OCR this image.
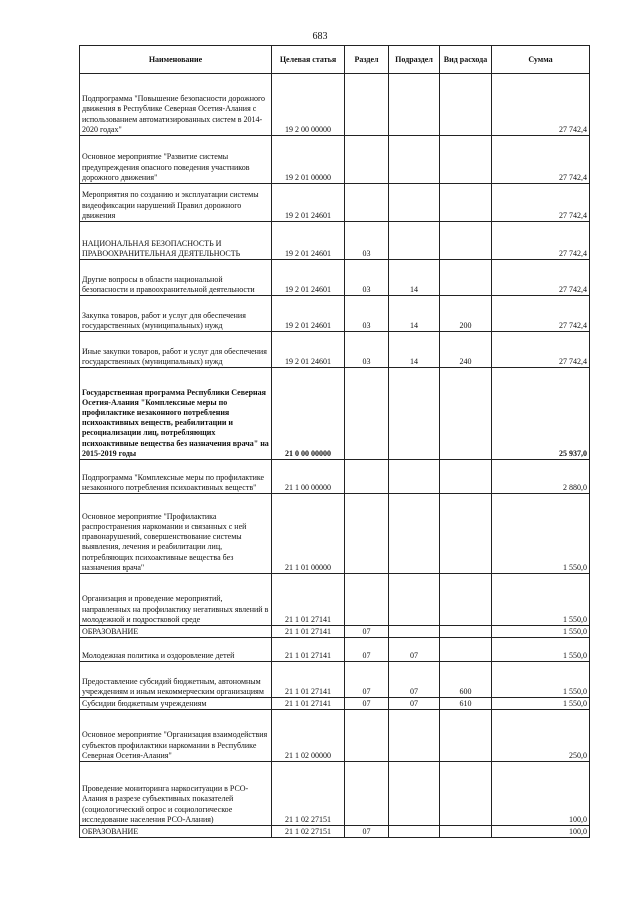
683
Наименование	Целевая статья	Раздел	Подраздел	Вид расхода	Сумма
Подпрограмма "Повышение безопасности дорожного движения в Республике Северная Осетия-Алания с использованием автоматизированных систем в 2014-2020 годах"	19 2 00 00000				27 742,4
Основное мероприятие "Развитие системы предупреждения опасного поведения участников дорожного движения"	19 2 01 00000				27 742,4
Мероприятия по созданию и эксплуатации системы видеофиксации нарушений Правил дорожного движения	19 2 01 24601				27 742,4
НАЦИОНАЛЬНАЯ БЕЗОПАСНОСТЬ И ПРАВООХРАНИТЕЛЬНАЯ ДЕЯТЕЛЬНОСТЬ	19 2 01 24601	03			27 742,4
Другие вопросы в области национальной безопасности и правоохранительной деятельности	19 2 01 24601	03	14		27 742,4
Закупка товаров, работ и услуг для обеспечения государственных (муниципальных) нужд	19 2 01 24601	03	14	200	27 742,4
Иные закупки товаров, работ и услуг для обеспечения государственных (муниципальных) нужд	19 2 01 24601	03	14	240	27 742,4
Государственная программа Республики Северная Осетия-Алания "Комплексные меры по профилактике незаконного потребления психоактивных веществ, реабилитации и ресоциализации лиц, потребляющих психоактивные вещества без назначения врача" на 2015-2019 годы	21 0 00 00000				25 937,0
Подпрограмма "Комплексные меры по профилактике незаконного потребления психоактивных веществ"	21 1 00 00000				2 880,0
Основное мероприятие "Профилактика распространения наркомании и связанных с ней правонарушений, совершенствование системы выявления, лечения и реабилитации лиц, потребляющих психоактивные вещества без назначения врача"	21 1 01 00000				1 550,0
Организация и проведение мероприятий, направленных на профилактику негативных явлений в молодежной и подростковой среде	21 1 01 27141				1 550,0
ОБРАЗОВАНИЕ	21 1 01 27141	07			1 550,0
Молодежная политика и оздоровление детей	21 1 01 27141	07	07		1 550,0
Предоставление субсидий бюджетным, автономным учреждениям и иным некоммерческим организациям	21 1 01 27141	07	07	600	1 550,0
Субсидии бюджетным учреждениям	21 1 01 27141	07	07	610	1 550,0
Основное мероприятие "Организация взаимодействия субъектов профилактики наркомании в Республике Северная Осетия-Алания"	21 1 02 00000				250,0
Проведение мониторинга наркоситуации в РСО-Алания в разрезе субъективных показателей (социологический опрос и социологическое исследование населения РСО-Алания)	21 1 02 27151				100,0
ОБРАЗОВАНИЕ	21 1 02 27151	07			100,0
